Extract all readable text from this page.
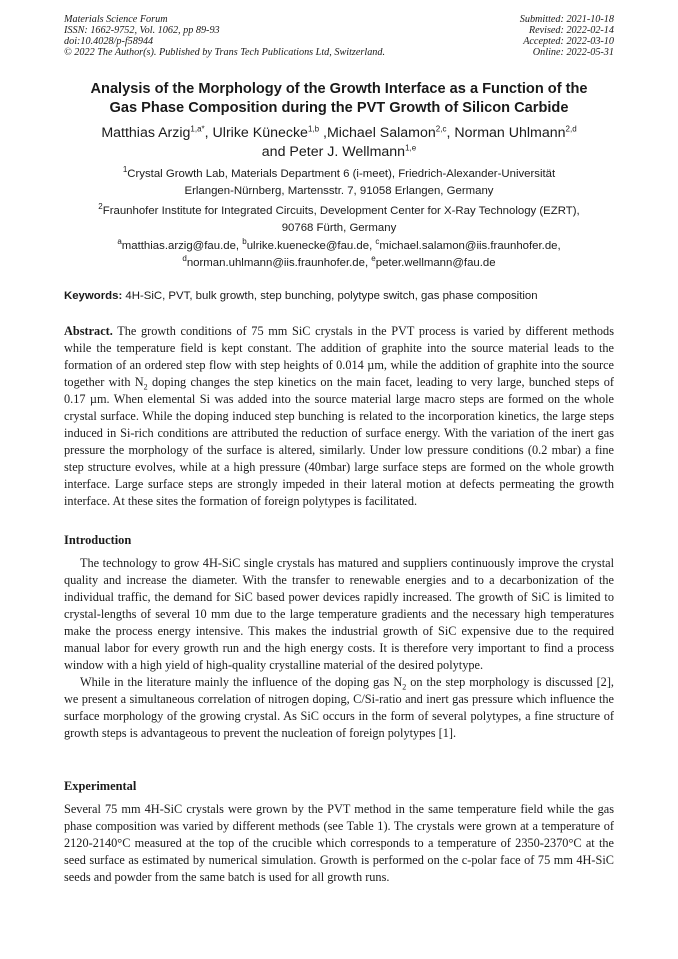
Materials Science Forum
ISSN: 1662-9752, Vol. 1062, pp 89-93
doi:10.4028/p-f58944
© 2022 The Author(s). Published by Trans Tech Publications Ltd, Switzerland.
Submitted: 2021-10-18
Revised: 2022-02-14
Accepted: 2022-03-10
Online: 2022-05-31
Analysis of the Morphology of the Growth Interface as a Function of the
Gas Phase Composition during the PVT Growth of Silicon Carbide
Matthias Arzig$^{1,a*}$, Ulrike Künecke$^{1,b}$ ,Michael Salamon$^{2,c}$, Norman Uhlmann$^{2,d}$
and Peter J. Wellmann$^{1,e}$
$^1$Crystal Growth Lab, Materials Department 6 (i-meet), Friedrich-Alexander-Universität
Erlangen-Nürnberg, Martensstr. 7, 91058 Erlangen, Germany
$^2$Fraunhofer Institute for Integrated Circuits, Development Center for X-Ray Technology (EZRT),
90768 Fürth, Germany
$^a$matthias.arzig@fau.de, $^b$ulrike.kuenecke@fau.de, $^c$michael.salamon@iis.fraunhofer.de,
$^d$norman.uhlmann@iis.fraunhofer.de, $^e$peter.wellmann@fau.de
Keywords: 4H-SiC, PVT, bulk growth, step bunching, polytype switch, gas phase composition

Abstract. The growth conditions of 75 mm SiC crystals in the PVT process is varied by different methods while the temperature field is kept constant. The addition of graphite into the source material leads to the formation of an ordered step flow with step heights of 0.014 µm, while the addition of graphite into the source together with $N_2$ doping changes the step kinetics on the main facet, leading to very large, bunched steps of 0.17 µm. When elemental Si was added into the source material large macro steps are formed on the whole crystal surface. While the doping induced step bunching is related to the incorporation kinetics, the large steps induced in Si-rich conditions are attributed the reduction of surface energy. With the variation of the inert gas pressure the morphology of the surface is altered, similarly. Under low pressure conditions (0.2 mbar) a fine step structure evolves, while at a high pressure (40mbar) large surface steps are formed on the whole growth interface. Large surface steps are strongly impeded in their lateral motion at defects permeating the growth interface. At these sites the formation of foreign polytypes is facilitated.

Introduction

The technology to grow 4H-SiC single crystals has matured and suppliers continuously improve the crystal quality and increase the diameter. With the transfer to renewable energies and to a decarbonization of the individual traffic, the demand for SiC based power devices rapidly increased. The growth of SiC is limited to crystal-lengths of several 10 mm due to the large temperature gradients and the necessary high temperatures make the process energy intensive. This makes the industrial growth of SiC expensive due to the required manual labor for every growth run and the high energy costs. It is therefore very important to find a process window with a high yield of high-quality crystalline material of the desired polytype.

While in the literature mainly the influence of the doping gas $N_2$ on the step morphology is discussed [2], we present a simultaneous correlation of nitrogen doping, C/Si-ratio and inert gas pressure which influence the surface morphology of the growing crystal. As SiC occurs in the form of several polytypes, a fine structure of growth steps is advantageous to prevent the nucleation of foreign polytypes [1].

Experimental

Several 75 mm 4H-SiC crystals were grown by the PVT method in the same temperature field while the gas phase composition was varied by different methods (see Table 1). The crystals were grown at a temperature of 2120-2140°C measured at the top of the crucible which corresponds to a temperature of 2350-2370°C at the seed surface as estimated by numerical simulation. Growth is performed on the c-polar face of 75 mm 4H-SiC seeds and powder from the same batch is used for all growth runs.
